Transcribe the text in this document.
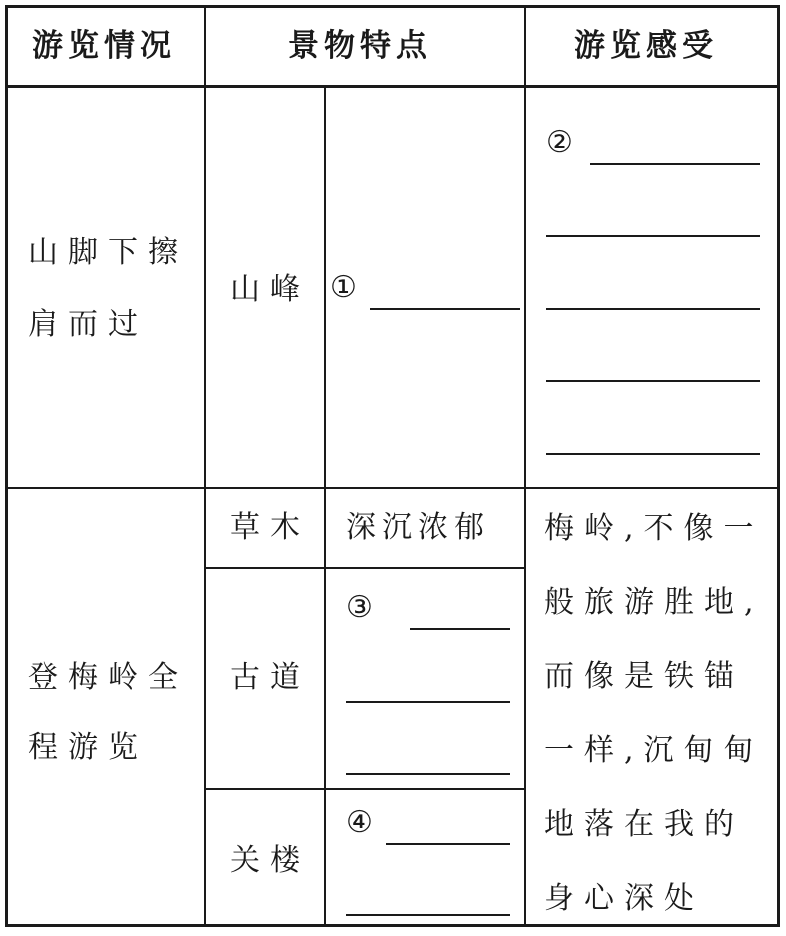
游览情况	景物特点	游览感受
山脚下擦
肩而过
山峰 ①
②
登梅岭全
程游览
草木 深沉浓郁
古道
③
关楼
④
梅岭,不像一
般旅游胜地,
而像是铁锚
一样,沉甸甸
地落在我的
身心深处
